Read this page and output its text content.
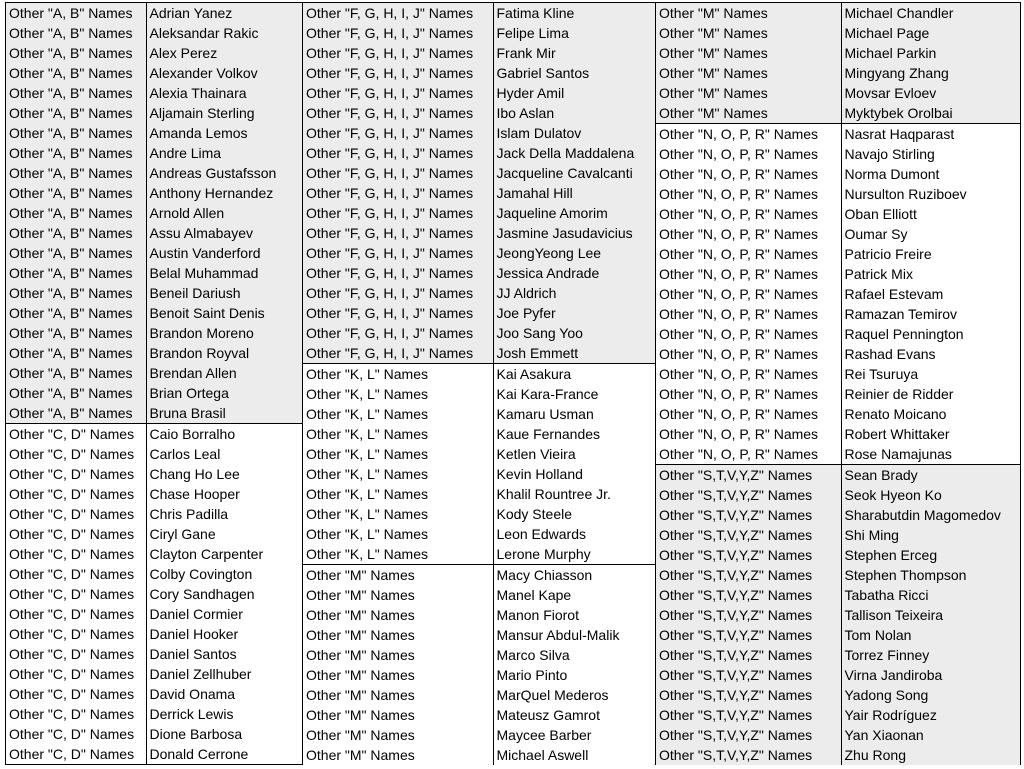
Other "A, B" Names	Adrian Yanez
Other "A, B" Names	Aleksandar Rakic
Other "A, B" Names	Alex Perez
Other "A, B" Names	Alexander Volkov
Other "A, B" Names	Alexia Thainara
Other "A, B" Names	Aljamain Sterling
Other "A, B" Names	Amanda Lemos
Other "A, B" Names	Andre Lima
Other "A, B" Names	Andreas Gustafsson
Other "A, B" Names	Anthony Hernandez
Other "A, B" Names	Arnold Allen
Other "A, B" Names	Assu Almabayev
Other "A, B" Names	Austin Vanderford
Other "A, B" Names	Belal Muhammad
Other "A, B" Names	Beneil Dariush
Other "A, B" Names	Benoit Saint Denis
Other "A, B" Names	Brandon Moreno
Other "A, B" Names	Brandon Royval
Other "A, B" Names	Brendan Allen
Other "A, B" Names	Brian Ortega
Other "A, B" Names	Bruna Brasil
Other "C, D" Names	Caio Borralho
Other "C, D" Names	Carlos Leal
Other "C, D" Names	Chang Ho Lee
Other "C, D" Names	Chase Hooper
Other "C, D" Names	Chris Padilla
Other "C, D" Names	Ciryl Gane
Other "C, D" Names	Clayton Carpenter
Other "C, D" Names	Colby Covington
Other "C, D" Names	Cory Sandhagen
Other "C, D" Names	Daniel Cormier
Other "C, D" Names	Daniel Hooker
Other "C, D" Names	Daniel Santos
Other "C, D" Names	Daniel Zellhuber
Other "C, D" Names	David Onama
Other "C, D" Names	Derrick Lewis
Other "C, D" Names	Dione Barbosa
Other "C, D" Names	Donald Cerrone
Other "F, G, H, I, J" Names	Fatima Kline
Other "F, G, H, I, J" Names	Felipe Lima
Other "F, G, H, I, J" Names	Frank Mir
Other "F, G, H, I, J" Names	Gabriel Santos
Other "F, G, H, I, J" Names	Hyder Amil
Other "F, G, H, I, J" Names	Ibo Aslan
Other "F, G, H, I, J" Names	Islam Dulatov
Other "F, G, H, I, J" Names	Jack Della Maddalena
Other "F, G, H, I, J" Names	Jacqueline Cavalcanti
Other "F, G, H, I, J" Names	Jamahal Hill
Other "F, G, H, I, J" Names	Jaqueline Amorim
Other "F, G, H, I, J" Names	Jasmine Jasudavicius
Other "F, G, H, I, J" Names	JeongYeong Lee
Other "F, G, H, I, J" Names	Jessica Andrade
Other "F, G, H, I, J" Names	JJ Aldrich
Other "F, G, H, I, J" Names	Joe Pyfer
Other "F, G, H, I, J" Names	Joo Sang Yoo
Other "F, G, H, I, J" Names	Josh Emmett
Other "K, L" Names	Kai Asakura
Other "K, L" Names	Kai Kara-France
Other "K, L" Names	Kamaru Usman
Other "K, L" Names	Kaue Fernandes
Other "K, L" Names	Ketlen Vieira
Other "K, L" Names	Kevin Holland
Other "K, L" Names	Khalil Rountree Jr.
Other "K, L" Names	Kody Steele
Other "K, L" Names	Leon Edwards
Other "K, L" Names	Lerone Murphy
Other "M" Names	Macy Chiasson
Other "M" Names	Manel Kape
Other "M" Names	Manon Fiorot
Other "M" Names	Mansur Abdul-Malik
Other "M" Names	Marco Silva
Other "M" Names	Mario Pinto
Other "M" Names	MarQuel Mederos
Other "M" Names	Mateusz Gamrot
Other "M" Names	Maycee Barber
Other "M" Names	Michael Aswell
Other "M" Names	Michael Chandler
Other "M" Names	Michael Page
Other "M" Names	Michael Parkin
Other "M" Names	Mingyang Zhang
Other "M" Names	Movsar Evloev
Other "M" Names	Myktybek Orolbai
Other "N, O, P, R" Names	Nasrat Haqparast
Other "N, O, P, R" Names	Navajo Stirling
Other "N, O, P, R" Names	Norma Dumont
Other "N, O, P, R" Names	Nursulton Ruziboev
Other "N, O, P, R" Names	Oban Elliott
Other "N, O, P, R" Names	Oumar Sy
Other "N, O, P, R" Names	Patricio Freire
Other "N, O, P, R" Names	Patrick Mix
Other "N, O, P, R" Names	Rafael Estevam
Other "N, O, P, R" Names	Ramazan Temirov
Other "N, O, P, R" Names	Raquel Pennington
Other "N, O, P, R" Names	Rashad Evans
Other "N, O, P, R" Names	Rei Tsuruya
Other "N, O, P, R" Names	Reinier de Ridder
Other "N, O, P, R" Names	Renato Moicano
Other "N, O, P, R" Names	Robert Whittaker
Other "N, O, P, R" Names	Rose Namajunas
Other "S,T,V,Y,Z" Names	Sean Brady
Other "S,T,V,Y,Z" Names	Seok Hyeon Ko
Other "S,T,V,Y,Z" Names	Sharabutdin Magomedov
Other "S,T,V,Y,Z" Names	Shi Ming
Other "S,T,V,Y,Z" Names	Stephen Erceg
Other "S,T,V,Y,Z" Names	Stephen Thompson
Other "S,T,V,Y,Z" Names	Tabatha Ricci
Other "S,T,V,Y,Z" Names	Tallison Teixeira
Other "S,T,V,Y,Z" Names	Tom Nolan
Other "S,T,V,Y,Z" Names	Torrez Finney
Other "S,T,V,Y,Z" Names	Virna Jandiroba
Other "S,T,V,Y,Z" Names	Yadong Song
Other "S,T,V,Y,Z" Names	Yair Rodríguez
Other "S,T,V,Y,Z" Names	Yan Xiaonan
Other "S,T,V,Y,Z" Names	Zhu Rong
